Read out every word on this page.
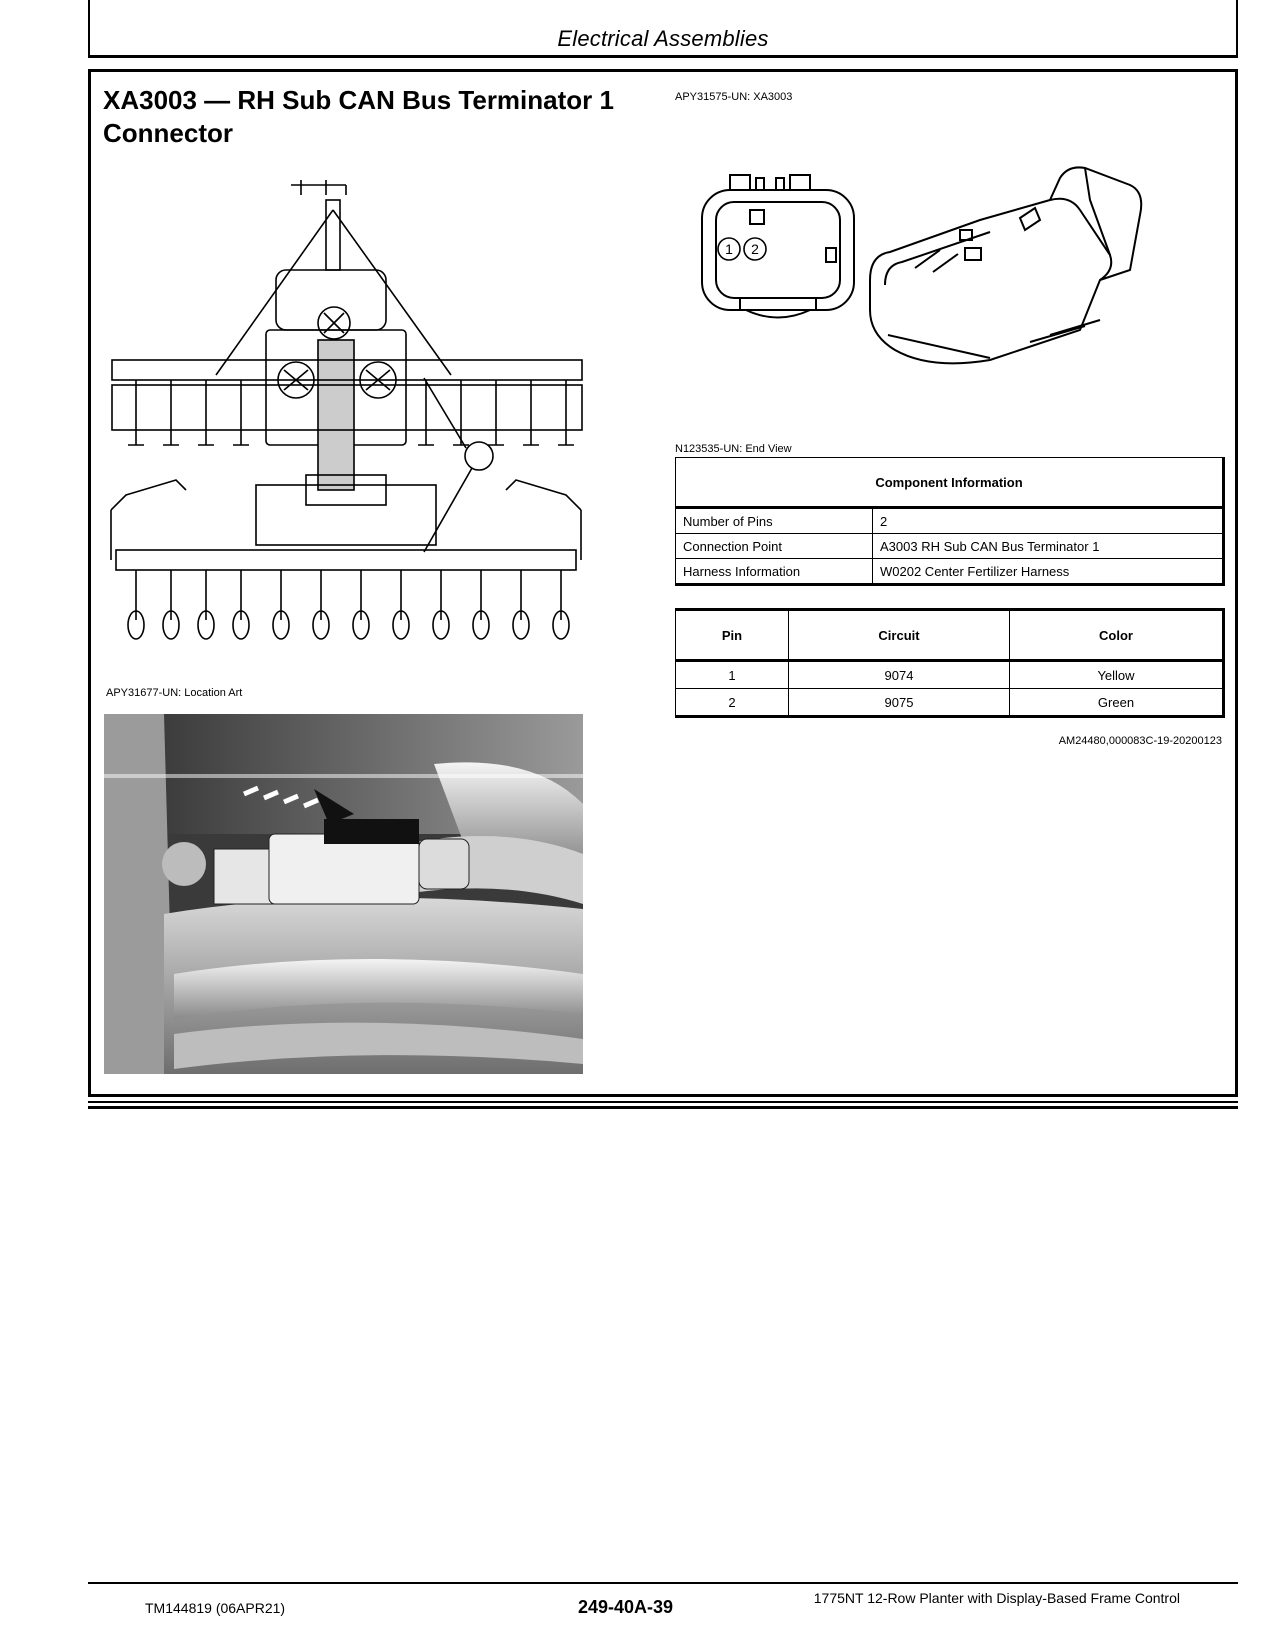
Electrical Assemblies
XA3003 — RH Sub CAN Bus Terminator 1 Connector
APY31575-UN: XA3003
1 2
N123535-UN: End View
APY31677-UN: Location Art
Component Information	
Number of Pins	2
Connection Point	A3003 RH Sub CAN Bus Terminator 1
Harness Information	W0202 Center Fertilizer Harness
Pin	Circuit	Color
1	9074	Yellow
2	9075	Green
AM24480,000083C-19-20200123
TM144819 (06APR21)	249-40A-39	1775NT 12-Row Planter with Display-Based Frame Control
